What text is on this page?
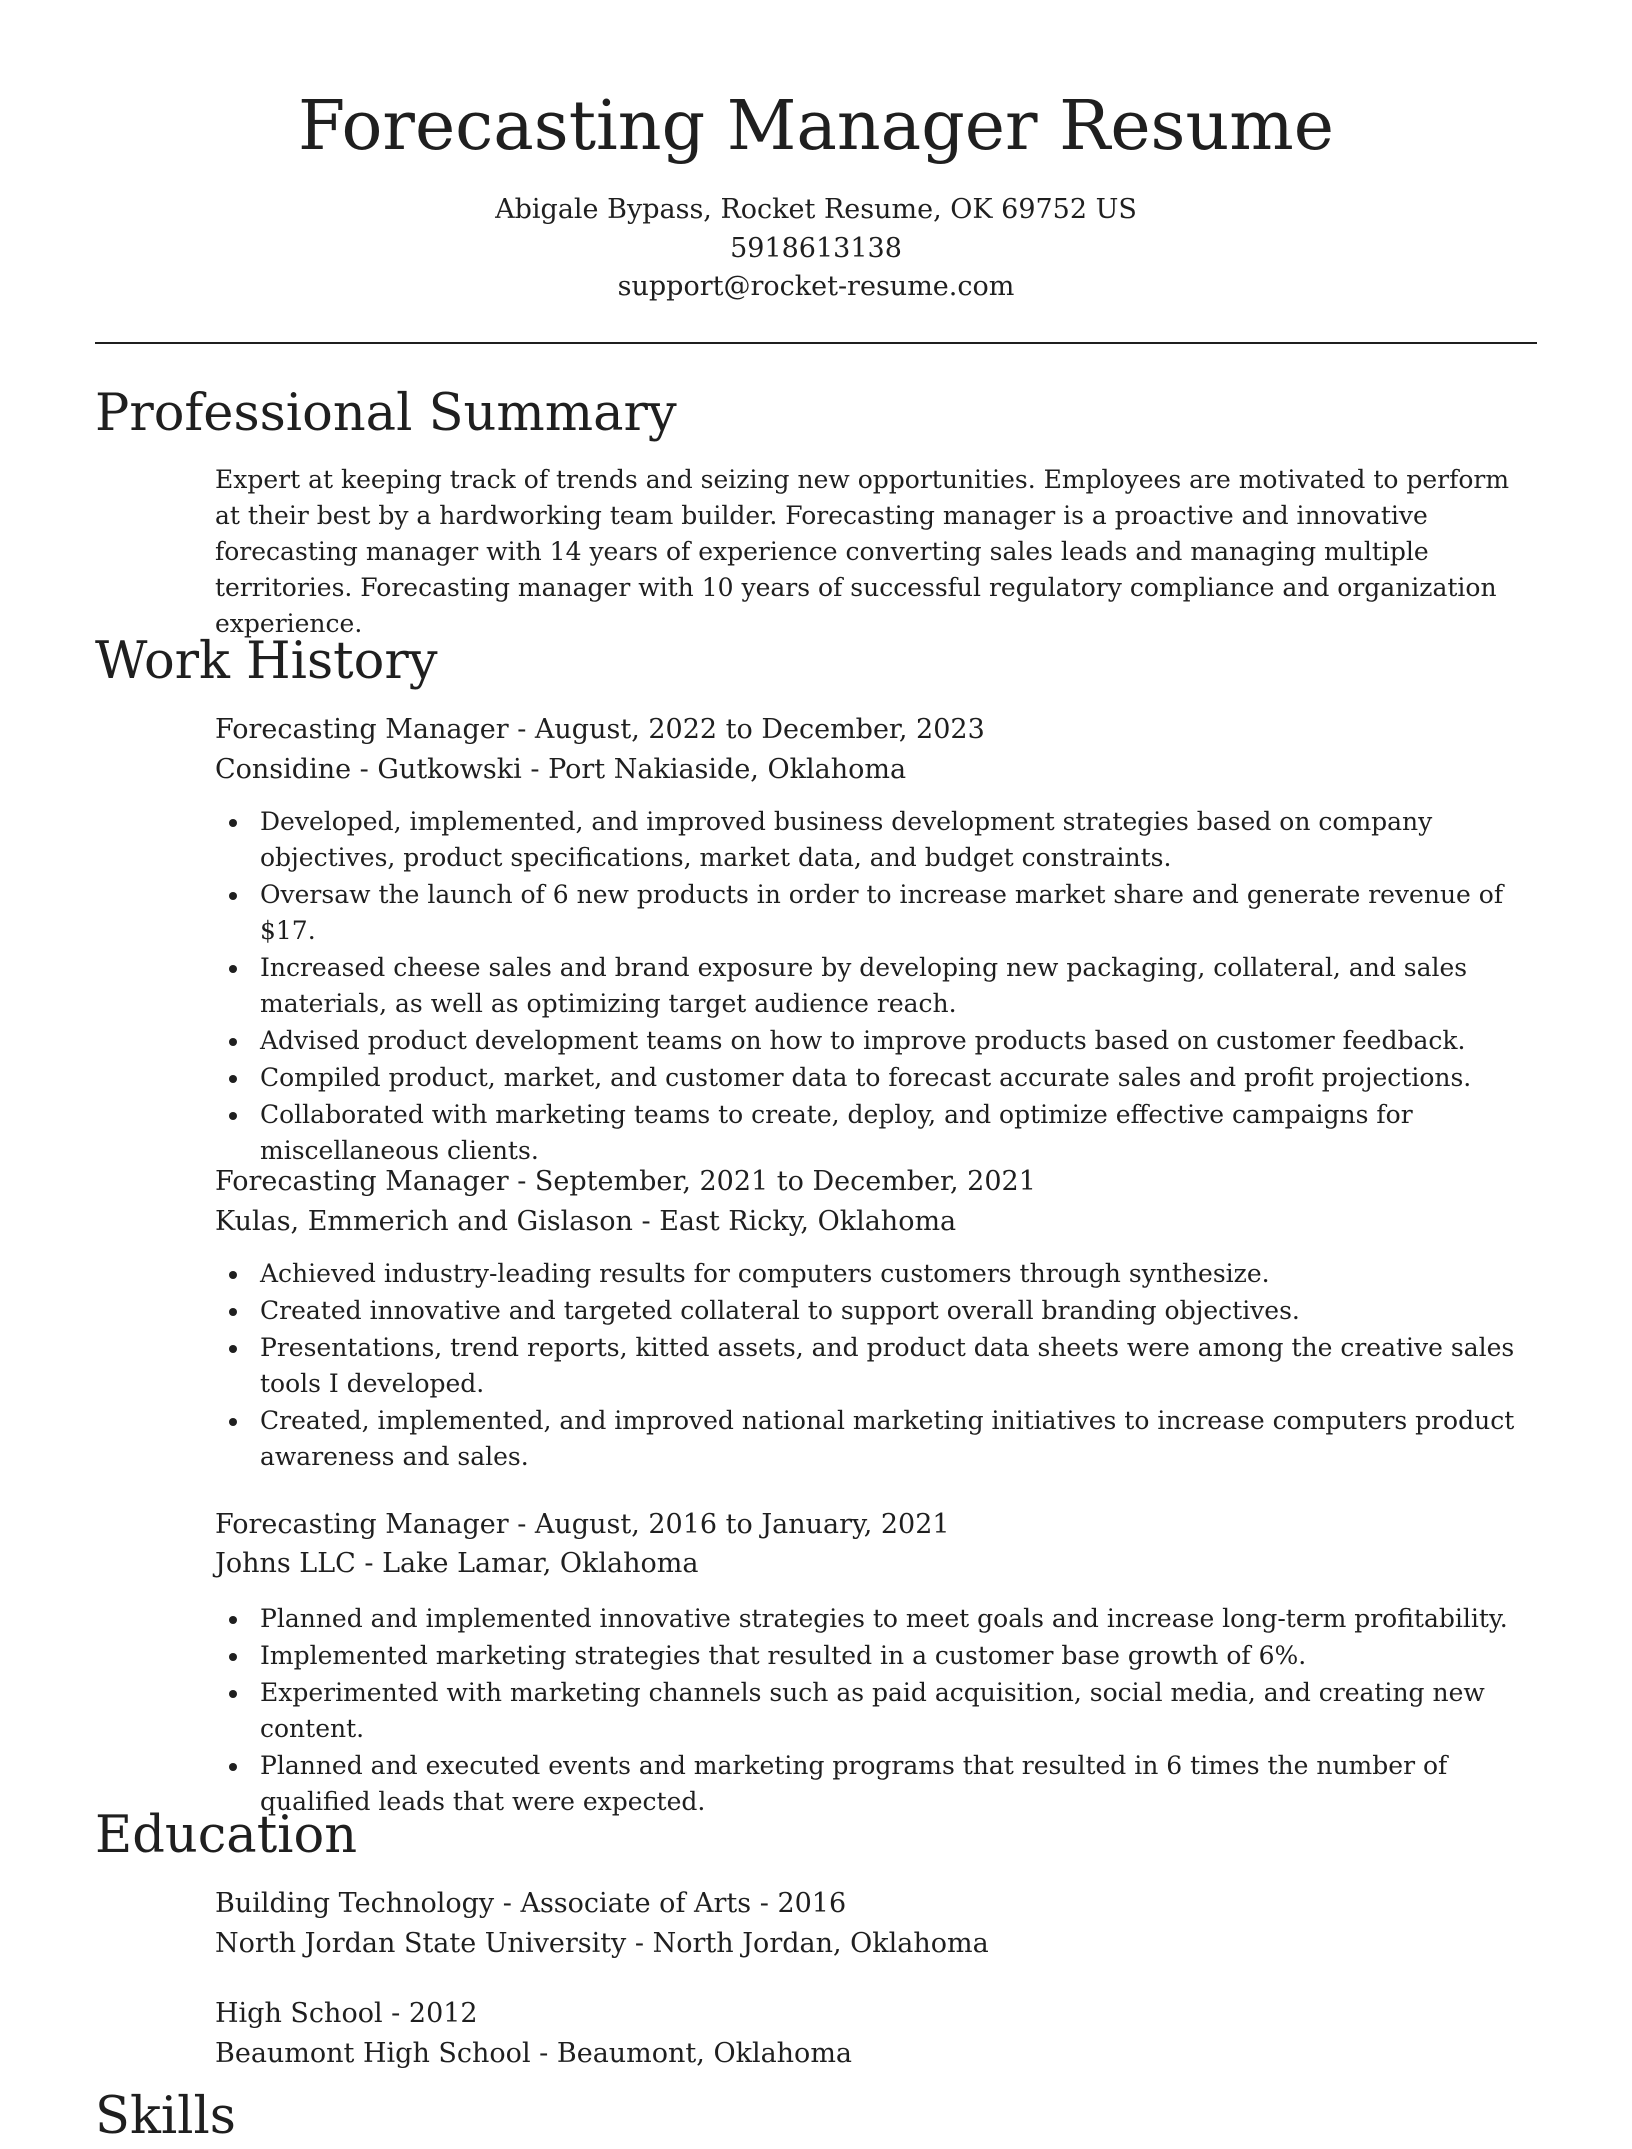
Forecasting Manager Resume
Abigale Bypass, Rocket Resume, OK 69752 US
5918613138
support@rocket-resume.com
Professional Summary

Expert at keeping track of trends and seizing new opportunities. Employees are motivated to perform at their best by a hardworking team builder. Forecasting manager is a proactive and innovative forecasting manager with 14 years of experience converting sales leads and managing multiple territories. Forecasting manager with 10 years of successful regulatory compliance and organization experience.

Work History
Forecasting Manager - August, 2022 to December, 2023
Considine - Gutkowski - Port Nakiaside, Oklahoma
Developed, implemented, and improved business development strategies based on company objectives, product specifications, market data, and budget constraints.
Oversaw the launch of 6 new products in order to increase market share and generate revenue of $17.
Increased cheese sales and brand exposure by developing new packaging, collateral, and sales materials, as well as optimizing target audience reach.
Advised product development teams on how to improve products based on customer feedback.
Compiled product, market, and customer data to forecast accurate sales and profit projections.
Collaborated with marketing teams to create, deploy, and optimize effective campaigns for miscellaneous clients.
Forecasting Manager - September, 2021 to December, 2021
Kulas, Emmerich and Gislason - East Ricky, Oklahoma
Achieved industry-leading results for computers customers through synthesize.
Created innovative and targeted collateral to support overall branding objectives.
Presentations, trend reports, kitted assets, and product data sheets were among the creative sales tools I developed.
Created, implemented, and improved national marketing initiatives to increase computers product awareness and sales.
Forecasting Manager - August, 2016 to January, 2021
Johns LLC - Lake Lamar, Oklahoma
Planned and implemented innovative strategies to meet goals and increase long-term profitability.
Implemented marketing strategies that resulted in a customer base growth of 6%.
Experimented with marketing channels such as paid acquisition, social media, and creating new content.
Planned and executed events and marketing programs that resulted in 6 times the number of qualified leads that were expected.
Education
Building Technology - Associate of Arts - 2016
North Jordan State University - North Jordan, Oklahoma
High School - 2012
Beaumont High School - Beaumont, Oklahoma
Skills
